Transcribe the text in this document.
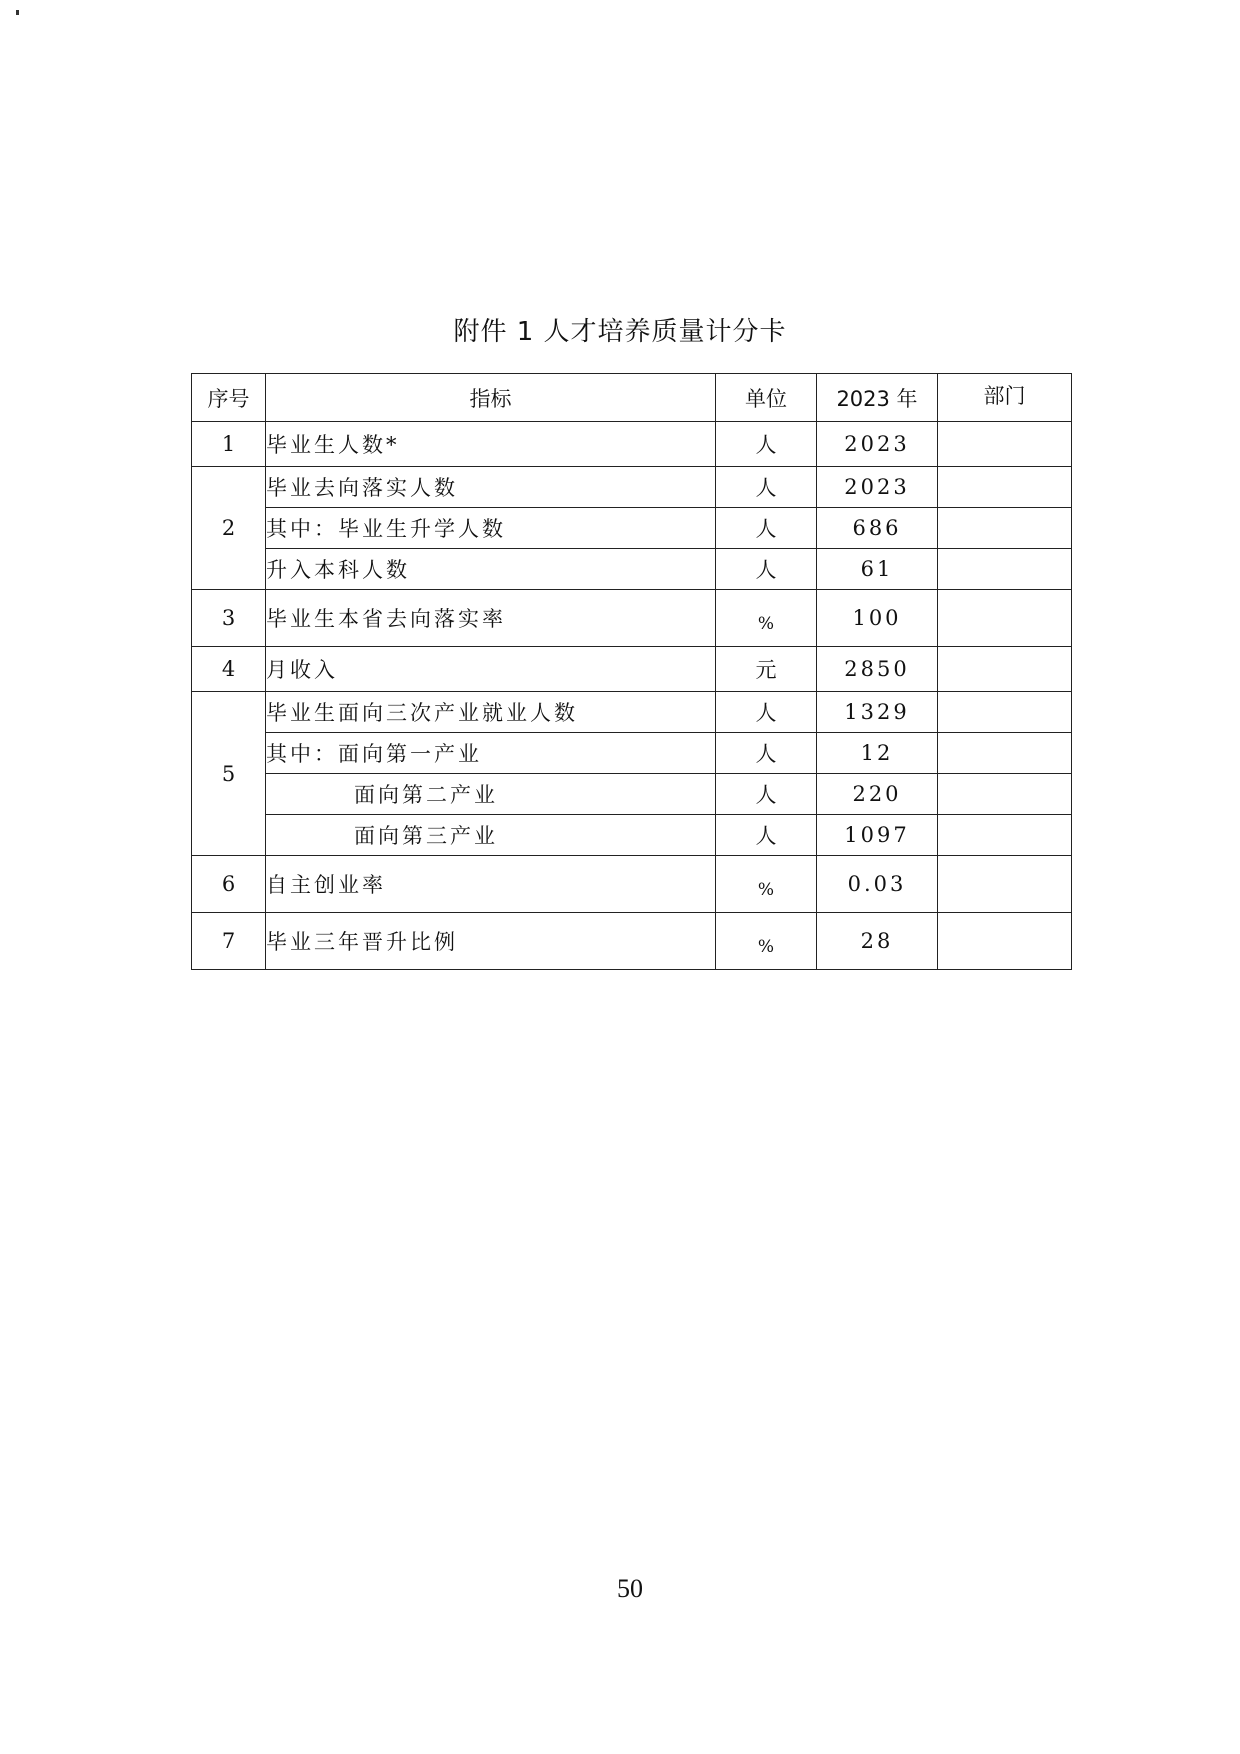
附件 1 人才培养质量计分卡
序号	指标	单位	2023 年	部门
1	毕业生人数*	人	2023	
2	毕业去向落实人数	人	2023	
	其中：毕业生升学人数	人	686	
	升入本科人数	人	61	
3	毕业生本省去向落实率	%	100	
4	月收入	元	2850	
5	毕业生面向三次产业就业人数	人	1329	
	其中：面向第一产业	人	12	
	面向第二产业	人	220	
	面向第三产业	人	1097	
6	自主创业率	%	0.03	
7	毕业三年晋升比例	%	28	
50
